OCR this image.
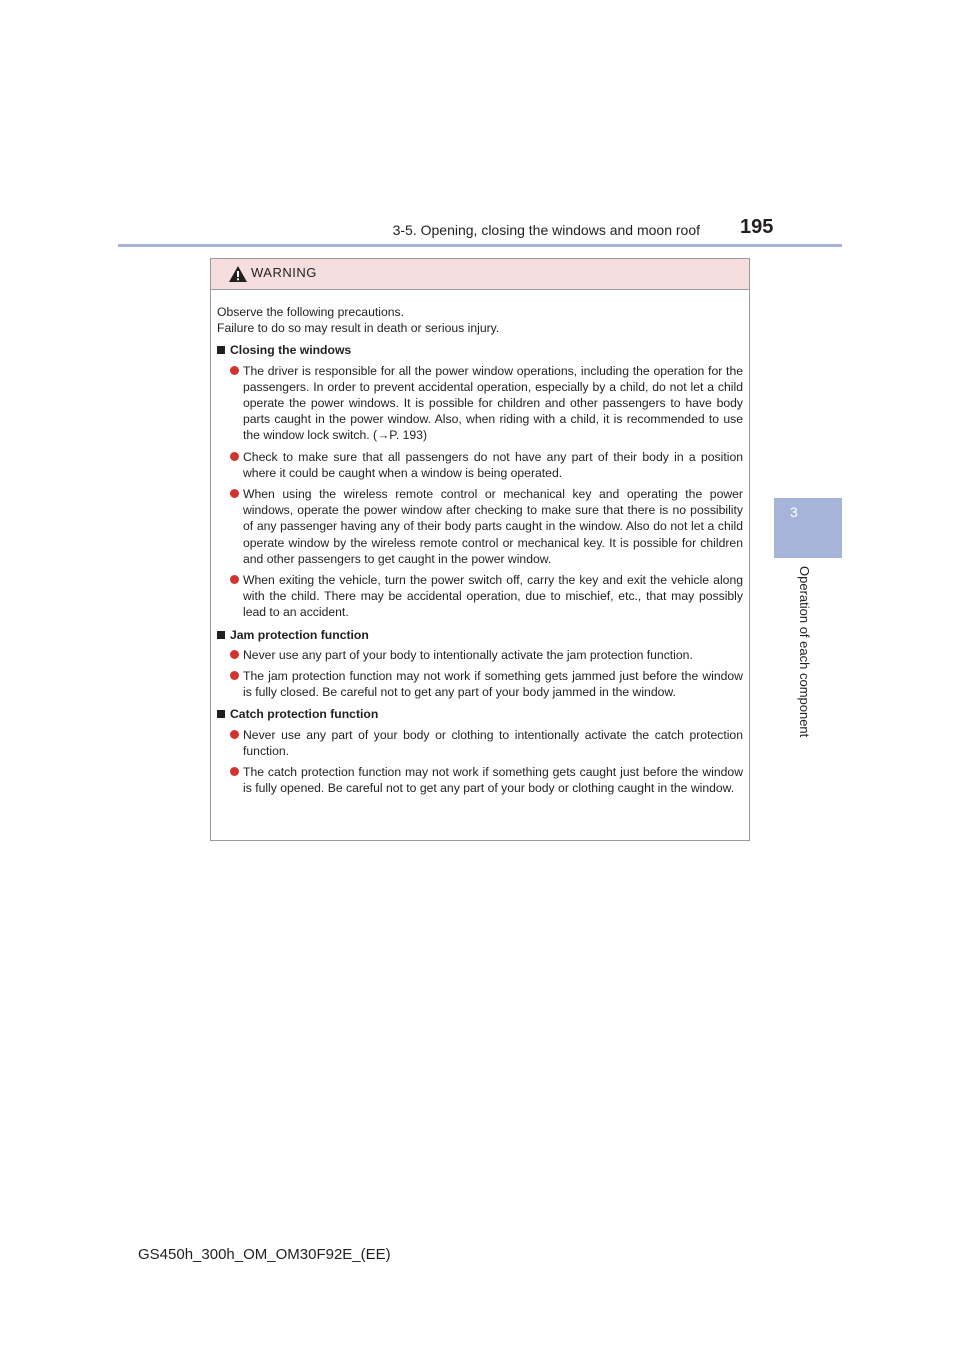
3-5. Opening, closing the windows and moon roof 195
3
Operation of each component
WARNING

Observe the following precautions.
Failure to do so may result in death or serious injury.

Closing the windows
The driver is responsible for all the power window operations, including the operation for the passengers. In order to prevent accidental operation, especially by a child, do not let a child operate the power windows. It is possible for children and other passengers to have body parts caught in the power window. Also, when riding with a child, it is recommended to use the window lock switch. (→P. 193)
Check to make sure that all passengers do not have any part of their body in a position where it could be caught when a window is being operated.
When using the wireless remote control or mechanical key and operating the power windows, operate the power window after checking to make sure that there is no possibility of any passenger having any of their body parts caught in the window. Also do not let a child operate window by the wireless remote control or mechanical key. It is possible for children and other passengers to get caught in the power window.
When exiting the vehicle, turn the power switch off, carry the key and exit the vehicle along with the child. There may be accidental operation, due to mischief, etc., that may possibly lead to an accident.
Jam protection function
Never use any part of your body to intentionally activate the jam protection function.
The jam protection function may not work if something gets jammed just before the window is fully closed. Be careful not to get any part of your body jammed in the window.
Catch protection function
Never use any part of your body or clothing to intentionally activate the catch protection function.
The catch protection function may not work if something gets caught just before the window is fully opened. Be careful not to get any part of your body or clothing caught in the window.
GS450h_300h_OM_OM30F92E_(EE)
